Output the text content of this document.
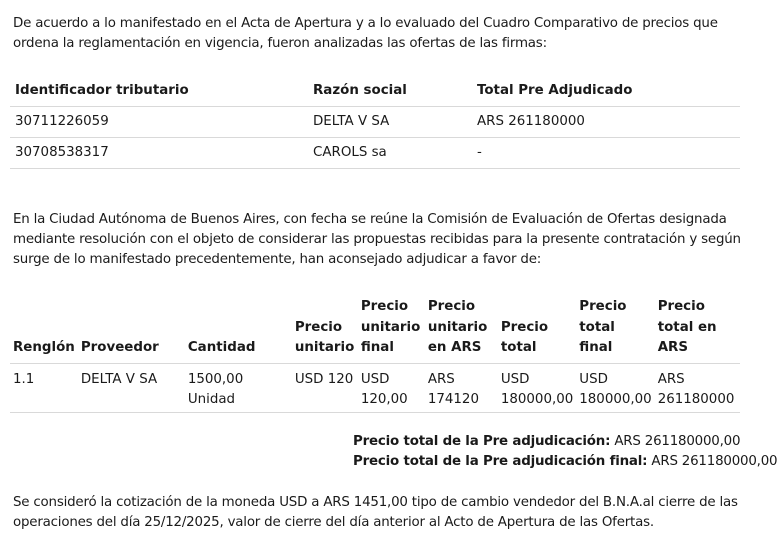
De acuerdo a lo manifestado en el Acta de Apertura y a lo evaluado del Cuadro Comparativo de precios que ordena la reglamentación en vigencia, fueron analizadas las ofertas de las firmas:

Identificador tributario	Razón social	Total Pre Adjudicado
30711226059	DELTA V SA	ARS 261180000
30708538317	CAROLS sa	-

En la Ciudad Autónoma de Buenos Aires, con fecha se reúne la Comisión de Evaluación de Ofertas designada mediante resolución con el objeto de considerar las propuestas recibidas para la presente contratación y según surge de lo manifestado precedentemente, han aconsejado adjudicar a favor de:

Renglón	Proveedor	Cantidad	Precio unitario	Precio unitario final	Precio unitario en ARS	Precio total	Precio total final	Precio total en ARS
1.1	DELTA V SA	1500,00 Unidad	USD 120	USD 120,00	ARS 174120	USD 180000,00	USD 180000,00	ARS 261180000
Precio total de la Pre adjudicación: ARS 261180000,00
Precio total de la Pre adjudicación final: ARS 261180000,00

Se consideró la cotización de la moneda USD a ARS 1451,00 tipo de cambio vendedor del B.N.A.al cierre de las operaciones del día 25/12/2025, valor de cierre del día anterior al Acto de Apertura de las Ofertas.
